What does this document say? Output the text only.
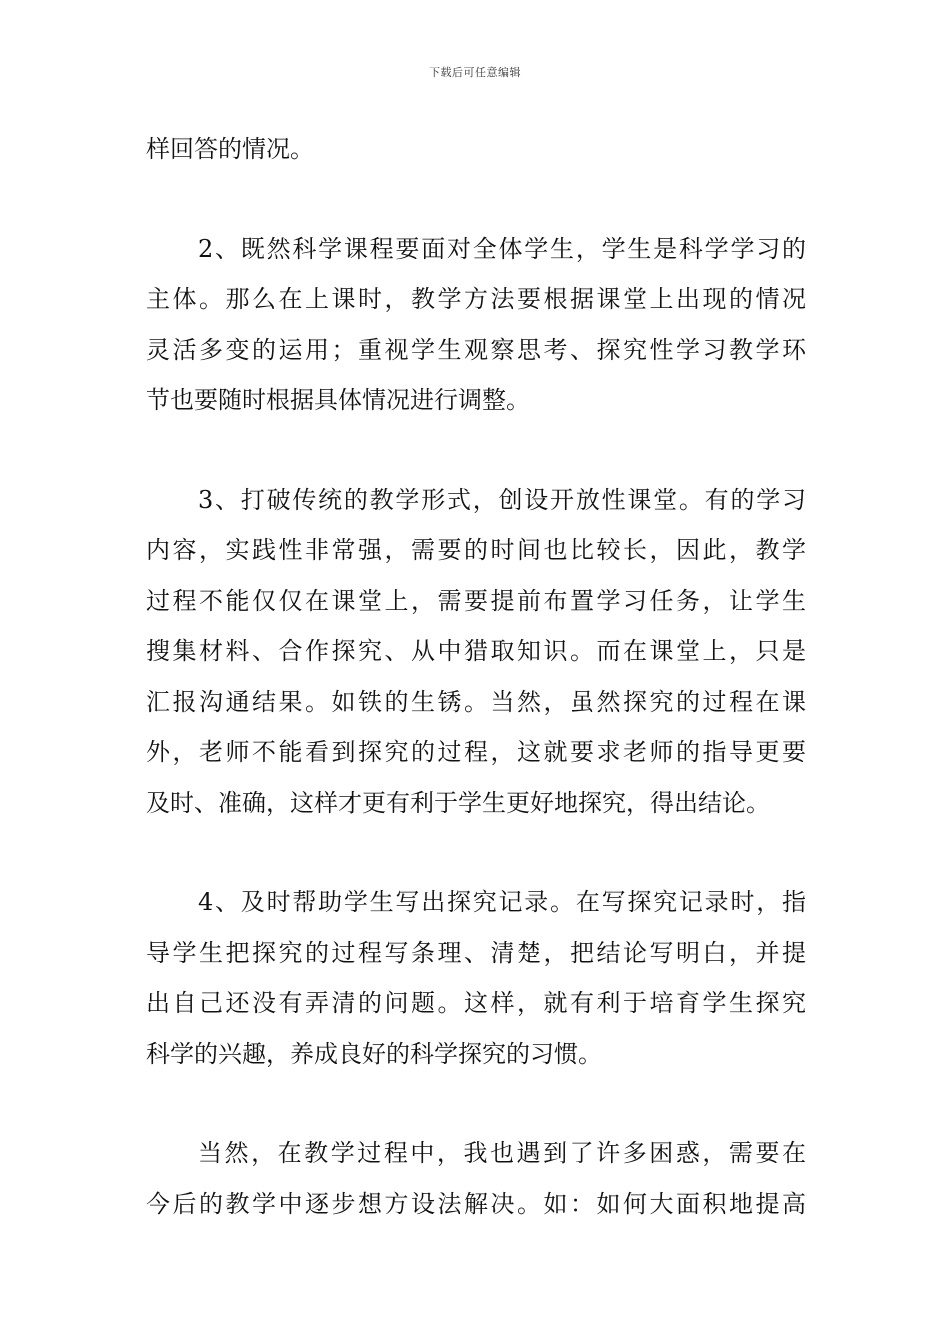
下载后可任意编辑
样回答的情况。
2、既然科学课程要面对全体学生，学生是科学学习的
主体。那么在上课时，教学方法要根据课堂上出现的情况
灵活多变的运用；重视学生观察思考、探究性学习教学环
节也要随时根据具体情况进行调整。
3、打破传统的教学形式，创设开放性课堂。有的学习
内容，实践性非常强，需要的时间也比较长，因此，教学
过程不能仅仅在课堂上，需要提前布置学习任务，让学生
搜集材料、合作探究、从中猎取知识。而在课堂上，只是
汇报沟通结果。如铁的生锈。当然，虽然探究的过程在课
外，老师不能看到探究的过程，这就要求老师的指导更要
及时、准确，这样才更有利于学生更好地探究，得出结论。
4、及时帮助学生写出探究记录。在写探究记录时，指
导学生把探究的过程写条理、清楚，把结论写明白，并提
出自己还没有弄清的问题。这样，就有利于培育学生探究
科学的兴趣，养成良好的科学探究的习惯。
当然，在教学过程中，我也遇到了许多困惑，需要在
今后的教学中逐步想方设法解决。如：如何大面积地提高
